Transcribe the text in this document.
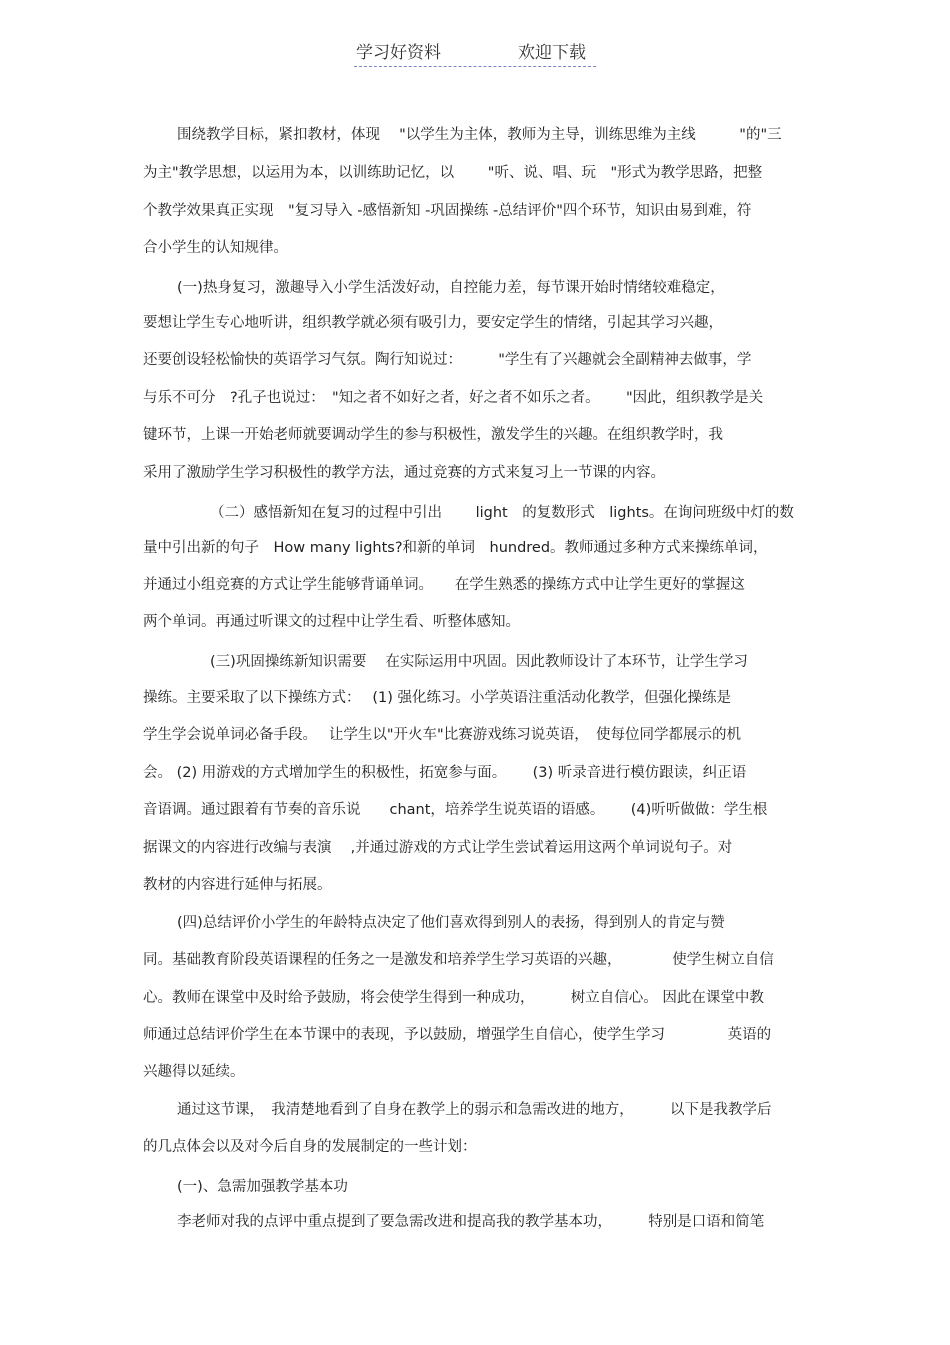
学习好资料	欢迎下载
围绕教学目标，紧扣教材，体现　 "以学生为主体，教师为主导，训练思维为主线　　　"的"三
为主"教学思想，以运用为本，以训练助记忆，以　　 "听、说、唱、玩　"形式为教学思路，把整
个教学效果真正实现　"复习导入 -感悟新知 -巩固操练 -总结评价"四个环节，知识由易到难，符
合小学生的认知规律。
(一)热身复习，激趣导入小学生活泼好动，自控能力差，每节课开始时情绪较难稳定，
要想让学生专心地听讲，组织教学就必须有吸引力，要安定学生的情绪，引起其学习兴趣，
还要创设轻松愉快的英语学习气氛。陶行知说过：　　　"学生有了兴趣就会全副精神去做事，学
与乐不可分　?孔子也说过：　"知之者不如好之者，好之者不如乐之者。　　 "因此，组织教学是关
键环节，上课一开始老师就要调动学生的参与积极性，激发学生的兴趣。在组织教学时，我
采用了激励学生学习积极性的教学方法，通过竞赛的方式来复习上一节课的内容。
（二）感悟新知在复习的过程中引出　　 light　的复数形式　lights。在询问班级中灯的数
量中引出新的句子　How many lights?和新的单词　hundred。教师通过多种方式来操练单词，
并通过小组竞赛的方式让学生能够背诵单词。　　在学生熟悉的操练方式中让学生更好的掌握这
两个单词。再通过听课文的过程中让学生看、听整体感知。
(三)巩固操练新知识需要　 在实际运用中巩固。因此教师设计了本环节，让学生学习
操练。主要采取了以下操练方式：　 (1) 强化练习。小学英语注重活动化教学，但强化操练是
学生学会说单词必备手段。　 让学生以"开火车"比赛游戏练习说英语，　使每位同学都展示的机
会。 (2) 用游戏的方式增加学生的积极性，拓宽参与面。　　 (3) 听录音进行模仿跟读，纠正语
音语调。通过跟着有节奏的音乐说　　chant，培养学生说英语的语感。　　 (4)听听做做：学生根
据课文的内容进行改编与表演　 ,并通过游戏的方式让学生尝试着运用这两个单词说句子。对
教材的内容进行延伸与拓展。
(四)总结评价小学生的年龄特点决定了他们喜欢得到别人的表扬，得到别人的肯定与赞
同。基础教育阶段英语课程的任务之一是激发和培养学生学习英语的兴趣，　　　　使学生树立自信
心。教师在课堂中及时给予鼓励，将会使学生得到一种成功，　　　树立自信心。 因此在课堂中教
师通过总结评价学生在本节课中的表现，予以鼓励，增强学生自信心，使学生学习　　　　 英语的
兴趣得以延续。
通过这节课，　我清楚地看到了自身在教学上的弱示和急需改进的地方，　　　以下是我教学后
的几点体会以及对今后自身的发展制定的一些计划：
(一)、急需加强教学基本功
李老师对我的点评中重点提到了要急需改进和提高我的教学基本功，　　　特别是口语和简笔
